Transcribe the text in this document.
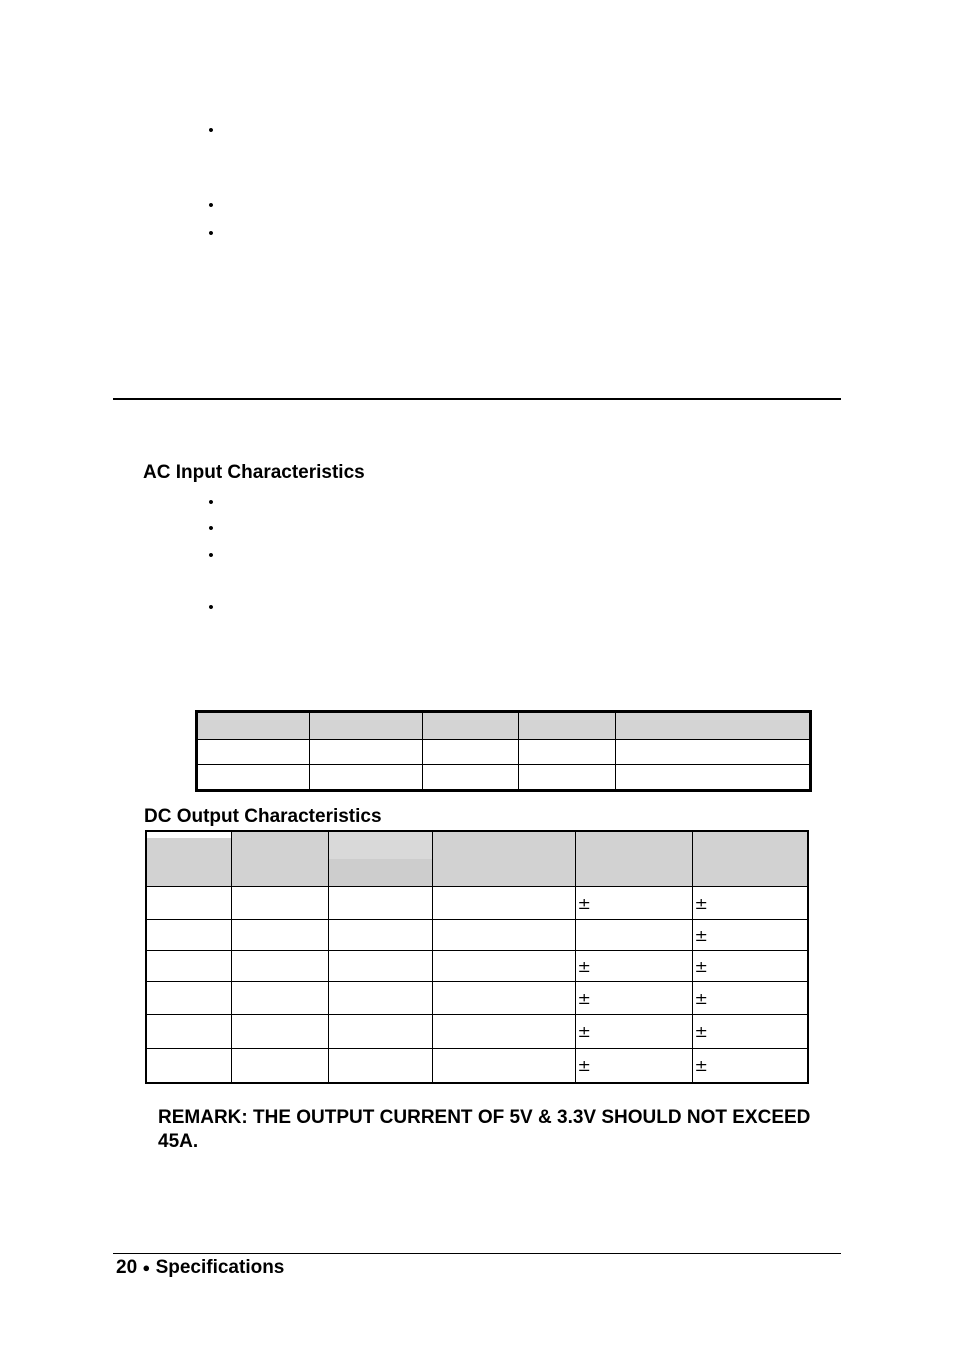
•
•
•
AC Input Characteristics
•
•
•
•

DC Output Characteristics

				±	±
					±
				±	±
				±	±
				±	±
				±	±
REMARK: THE OUTPUT CURRENT OF 5V & 3.3V SHOULD NOT EXCEED 45A.
20 ● Specifications
